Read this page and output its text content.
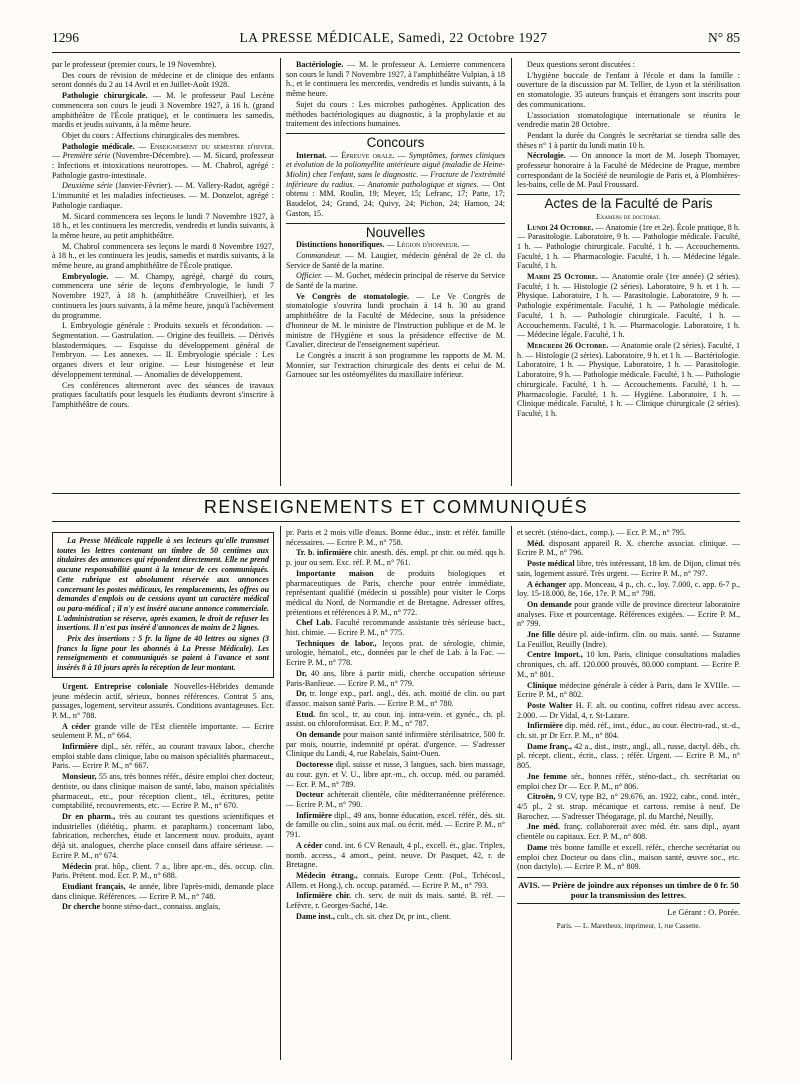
1296	LA PRESSE MÉDICALE, Samedi, 22 Octobre 1927	N° 85

par le professeur (premier cours, le 19 Novembre).

Des cours de révision de médecine et de clinique des enfants seront donnés du 2 au 14 Avril et en Juillet-Août 1928.

Pathologie chirurgicale. — M. le professeur Paul Lecène commencera son cours le jeudi 3 Novembre 1927, à 16 h. (grand amphithéâtre de l'École pratique), et le continuera les samedis, mardis et jeudis suivants, à la même heure.

Objet du cours : Affections chirurgicales des membres.

Pathologie médicale. — Enseignement du semestre d'hiver. — Première série (Novembre-Décembre). — M. Sicard, professeur : Infections et intoxications neurotropes. — M. Chabrol, agrégé : Pathologie gastro-intestinale.

Deuxième série (Janvier-Février). — M. Vallery-Radot, agrégé : L'immunité et les maladies infectieuses. — M. Donzelot, agrégé : Pathologie cardiaque.

M. Sicard commencera ses leçons le lundi 7 Novembre 1927, à 18 h., et les continuera les mercredis, vendredis et lundis suivants, à la même heure, au petit amphithéâtre.

M. Chabrol commencera ses leçons le mardi 8 Novembre 1927, à 18 h., et les continuera les jeudis, samedis et mardis suivants, à la même heure, au grand amphithéâtre de l'École pratique.

Embryologie. — M. Champy, agrégé, chargé du cours, commencera une série de leçons d'embryologie, le lundi 7 Novembre 1927, à 18 h. (amphithéâtre Cruveilhier), et les continuera les jours suivants, à la même heure, jusqu'à l'achèvement du programme.

I. Embryologie générale : Produits sexuels et fécondation. — Segmentation. — Gastrulation. — Origine des feuillets. — Dérivés blastodermiques. — Esquisse du développement général de l'embryon. — Les annexes. — II. Embryologie spéciale : Les organes divers et leur origine. — Leur histogenèse et leur développement terminal. — Anomalies de développement.

Ces conférences alterneront avec des séances de travaux pratiques facultatifs pour lesquels les étudiants devront s'inscrire à l'amphithéâtre de cours.

Bactériologie. — M. le professeur A. Lemierre commencera son cours le lundi 7 Novembre 1927, à l'amphithéâtre Vulpian, à 18 h., et le continuera les mercredis, vendredis et lundis suivants, à la même heure.

Sujet du cours : Les microbes pathogènes. Application des méthodes bactériologiques au diagnostic, à la prophylaxie et au traitement des infections humaines.

Concours

Internat. — Épreuve orale. — Symptômes, formes cliniques et évolution de la poliomyélite antérieure aiguë (maladie de Heine-Miolin) chez l'enfant, sans le diagnostic. — Fracture de l'extrémité inférieure du radius. — Anatomie pathologique et signes. — Ont obtenu : MM. Roulin, 19; Meyer, 15; Lefranc, 17; Patte, 17; Baudelot, 24; Grand, 24; Quivy, 24; Pichon, 24; Hamon, 24; Gaston, 15.

Nouvelles

Distinctions honorifiques. — Légion d'honneur. —

Commandeur. — M. Laugier, médecin général de 2e cl. du Service de Santé de la marine.

Officier. — M. Guchet, médecin principal de réserve du Service de Santé de la marine.

Ve Congrès de stomatologie. — Le Ve Congrès de stomatologie s'ouvrira lundi prochain à 14 h. 30 au grand amphithéâtre de la Faculté de Médecine, sous la présidence d'honneur de M. le ministre de l'Instruction publique et de M. le ministre de l'Hygiène et sous la présidence effective de M. Cavalier, directeur de l'enseignement supérieur.

Le Congrès a inscrit à son programme les rapports de M. M. Monnier, sur l'extraction chirurgicale des dents et celui de M. Garnouec sur les ostéomyélites du maxillaire inférieur.

Deux questions seront discutées :

L'hygiène buccale de l'enfant à l'école et dans la famille : ouverture de la discussion par M. Tellier, de Lyon et la stérilisation en stomatologie. 35 auteurs français et étrangers sont inscrits pour des communications.

L'association stomatologique internationale se réunira le vendredie matin 28 Octobre.

Pendant la durée du Congrès le secrétariat se tiendra salle des thèses n° 1 à partir du lundi matin 10 h.

Nécrologie. — On annonce la mort de M. Joseph Thomayer, professeur honoraire à la Faculté de Médecine de Prague, membre correspondant de la Société de neurologie de Paris et, à Plombières-les-bains, celle de M. Paul Froussard.

Actes de la Faculté de Paris

Examens de doctorat.

Lundi 24 Octobre. — Anatomie (1re et 2e). École pratique, 8 h. — Parasitologie. Laboratoire, 9 h. — Pathologie médicale. Faculté, 1 h. — Pathologie chirurgicale. Faculté, 1 h. — Accouchements. Faculté, 1 h. — Pharmacologie. Faculté, 1 h. — Médecine légale. Faculté, 1 h.

Mardi 25 Octobre. — Anatomie orale (1re année) (2 séries). Faculté, 1 h. — Histologie (2 séries). Laboratoire, 9 h. et 1 h. — Physique. Laboratoire, 1 h. — Parasitologie. Laboratoire, 9 h. — Pathologie expérimentale. Faculté, 1 h. — Pathologie médicale. Faculté, 1 h. — Pathologie chirurgicale. Faculté, 1 h. — Accouchements. Faculté, 1 h. — Pharmacologie. Laboratoire, 1 h. — Médecine légale. Faculté, 1 h.

Mercredi 26 Octobre. — Anatomie orale (2 séries). Faculté, 1 h. — Histologie (2 séries). Laboratoire, 9 h. et 1 h. — Bactériologie. Laboratoire, 1 h. — Physique. Laboratoire, 1 h. — Parasitologie. Laboratoire, 9 h. — Pathologie médicale. Faculté, 1 h. — Pathologie chirurgicale. Faculté, 1 h. — Accouchements. Faculté, 1 h. — Pharmacologie. Faculté, 1 h. — Hygiène. Laboratoire, 1 h. — Clinique médicale. Faculté, 1 h. — Clinique chirurgicale (2 séries). Faculté, 1 h.

RENSEIGNEMENTS ET COMMUNIQUÉS

La Presse Médicale rappelle à ses lecteurs qu'elle transmet toutes les lettres contenant un timbre de 50 centimes aux titulaires des annonces qui répondent directement. Elle ne prend aucune responsabilité quant à la teneur de ces communiqués. Cette rubrique est absolument réservée aux annonces concernant les postes médicaux, les remplacements, les offres ou demandes d'emplois ou de cessions ayant un caractère médical ou para-médical ; il n'y est inséré aucune annonce commerciale. L'administration se réserve, après examen, le droit de refuser les insertions. Il n'est pas inséré d'annonces de moins de 2 lignes.

Prix des insertions : 5 fr. la ligne de 40 lettres ou signes (3 francs la ligne pour les abonnés à La Presse Médicale). Les renseignements et communiqués se paient à l'avance et sont insérés 8 à 10 jours après la réception de leur montant.

Urgent. Entreprise coloniale Nouvelles-Hébrides demande jeune médecin actif, sérieux, bonnes références. Contrat 5 ans, passages, logement, serviteur assurés. Conditions avantageuses. Ecr. P. M., n° 788.

A céder grande ville de l'Est clientèle importante. — Ecrire seulement P. M., n° 664.

Infirmière dipl., sér. référ., au courant travaux labor., cherche emploi stable dans clinique, labo ou maison spécialités pharmaceut., Paris. — Ecrire P. M., n° 667.

Monsieur, 55 ans, très bonnes référ., désire emploi chez docteur, dentiste, ou dans clinique maison de santé, labo, maison spécialités pharmaceut., etc., pour réception client., tél., écritures, petite comptabilité, recouvrements, etc. — Ecrire P. M., n° 670.

Dr en pharm., très au courant tes questions scientifiques et industrielles (diététiq., pharm. et parapharm.) concernant labo, fabrication, recherches, étude et lancement nouv. produits, ayant déjà sit. analogues, cherche place conseil dans affaire sérieuse. — Ecrire P. M., n° 674.

Médecin prat. hôp., client. 7 a., libre apr.-m., dés. occup. clin. Paris. Prétent. mod. Ecr. P. M., n° 688.

Etudiant français, 4e année, libre l'après-midi, demande place dans clinique. Références. — Ecrire P. M., n° 748.

Dr cherche bonne sténo-dact., connaiss. anglais,

pr. Paris et 2 mois ville d'eaux. Bonne éduc., instr. et référ. famille nécessaires. — Ecrire P. M., n° 758.

Tr. b. infirmière chir. anesth. dés. empl. pr chir. ou méd. qqs h. p. jour ou sem. Exc. réf. P. M., n° 761.

Importante maison de produits biologiques et pharmaceutiques de Paris, cherche pour entrée immédiate, représentant qualifié (médecin si possible) pour visiter le Corps médical du Nord, de Normandie et de Bretagne. Adresser offres, prétentions et références à P. M., n° 772.

Chef Lab. Faculté recommande assistante très sérieuse bact., hist. chimie. — Ecrire P. M., n° 775.

Techniques de labor., leçons prat. de sérologie, chimie, urologie, hématol., etc., données par le chef de Lab. à la Fac. — Ecrire P. M., n° 778.

Dr, 40 ans, libre à partir midi, cherche occupation sérieuse Paris-Banlieue. — Ecrire P. M., n° 779.

Dr, tr. longe exp., parl. angl., dés. ach. moitié de clin. ou part d'assoc. maison santé Paris. — Ecrire P. M., n° 780.

Etud. fin scol., tr. au cour. inj. intra-vein. et gynéc., ch. pl. assist. ou chloroformisat. Ecr. P. M., n° 787.

On demande pour maison santé infirmière stérilisatrice, 500 fr. par mois, nourrie, indemnité pr opérat. d'urgence. — S'adresser Clinique du Landi, 4, rue Rabelais, Saint-Ouen.

Doctoresse dipl. suisse et russe, 3 langues, sach. bien massage, au cour. gyn. et V. U., libre apr.-m., ch. occup. méd. ou paraméd. — Ecr. P. M., n° 789.

Docteur achèterait clientèle, côte méditerranéenne préférence. — Ecrire P. M., n° 790.

Infirmière dipl., 49 ans, bonne éducation, excel. référ., dés. sit. de famille ou clin., soins aux mal. ou écrit. méd. — Ecrire P. M., n° 791.

A céder cond. int. 6 CV Renault, 4 pl., excell. ét., glac. Triplex, nomb. access., 4 amort., peint. neuve. Dr Pasquet, 42, r. de Bretagne.

Médecin étrang., connais. Europe Centr. (Pol., Tchécosl., Allem. et Hong.), ch. occup. paraméd. — Ecrire P. M., n° 793.

Infirmière chir. ch. serv. de nuit ds mais. santé. B. réf. — Lefèvre, r. Georges-Saché, 14e.

Dame inst., cult., ch. sit. chez Dr, pr int., client.

et secrét. (sténo-dact., comp.). — Ecr. P. M., n° 795.

Méd. disposant appareil R. X. cherche associat. clinique. — Ecrire P. M., n° 796.

Poste médical libre, très intéressant, 18 km. de Dijon, climat très sain, logement assuré. Très urgent. — Ecrire P. M., n° 797.

A échanger app. Monceau, 4 p., ch. c., loy. 7.000, c. app. 6-7 p., loy. 15-18.000, 8e, 16e, 17e. P. M., n° 798.

On demande pour grande ville de province directeur laboratoire analyses. Fixe et pourcentage. Références exigées. — Ecrire P. M., n° 799.

Jne fille désire pl. aide-infirm. clin. ou mais. santé. — Suzanne La Feuillot, Reuilly (Indre).

Centre Import., 10 km. Paris, clinique consultations maladies chroniques, ch. aff. 120.000 prouvés, 80.000 comptant. — Ecrire P. M., n° 801.

Clinique médecine générale à céder à Paris, dans le XVIIIe. — Ecrire P. M., n° 802.

Poste Walter H. F. alt. ou continu, coffret rideau avec access. 2.000. — Dr Vidal, 4, r. St-Lazare.

Infirmière dip. méd. réf., inst., éduc., au cour. électro-rad., st.-d., ch. sit. pr Dr Ecr. P. M., n° 804.

Dame franç., 42 a., dist., instr., angl., all., russe, dactyl. déb., ch. pl. récept. client., écrit., class. ; référ. Urgent. — Ecrire P. M., n° 805.

Jne femme sér., bonnes référ., sténo-dact., ch. secrétariat ou emploi chez Dr — Ecr. P. M., n° 806.

Citroën, 9 CV, type B2, n° 29.676, an. 1922, cabr., cond. intér., 4/5 pl., 2 st. strap. mécanique et carross. remise à neuf. De Barochez. — S'adresser Théogarage, pl. du Marché, Neuilly.

Jne méd. franç. collaborerait avec méd. étr. sans dipl., ayant clientèle ou capitaux. Ecr. P. M., n° 808.

Dame très bonne famille et excell. référ., cherche secrétariat ou emploi chez Docteur ou dans clin., maison santé, œuvre soc., etc. (non dactylo). — Ecrire P. M., n° 809.

AVIS. — Prière de joindre aux réponses un timbre de 0 fr. 50 pour la transmission des lettres.
Le Gérant : O. Porée.
Paris. — L. Maretheux, imprimeur, 1, rue Cassette.
